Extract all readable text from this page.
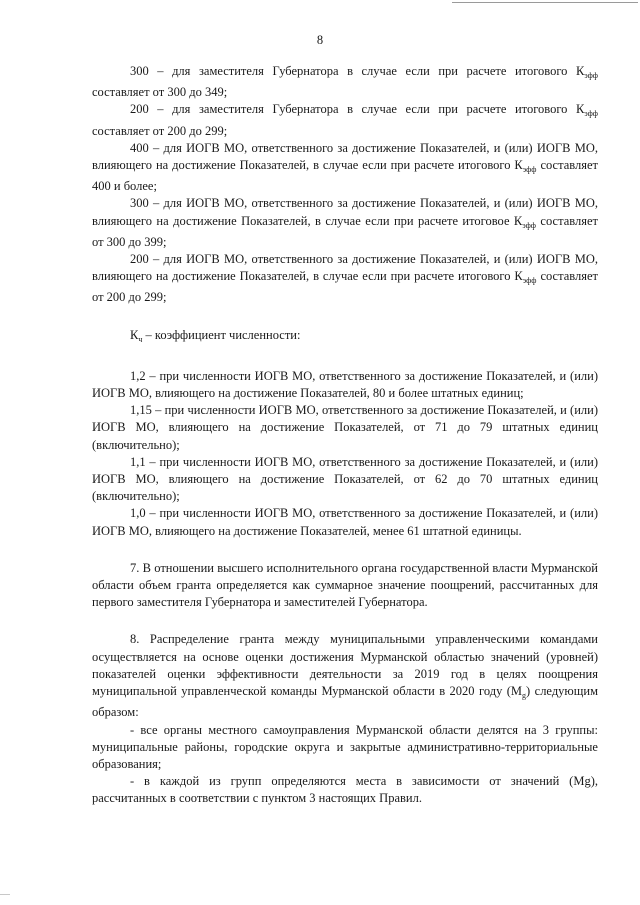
8

300 – для заместителя Губернатора в случае если при расчете итогового $К_{эфф}$ составляет от 300 до 349;

200 – для заместителя Губернатора в случае если при расчете итогового $К_{эфф}$ составляет от 200 до 299;

400 – для ИОГВ МО, ответственного за достижение Показателей, и (или) ИОГВ МО, влияющего на достижение Показателей, в случае если при расчете итогового $К_{эфф}$ составляет 400 и более;

300 – для ИОГВ МО, ответственного за достижение Показателей, и (или) ИОГВ МО, влияющего на достижение Показателей, в случае если при расчете итоговое $К_{эфф}$ составляет от 300 до 399;

200 – для ИОГВ МО, ответственного за достижение Показателей, и (или) ИОГВ МО, влияющего на достижение Показателей, в случае если при расчете итогового $К_{эфф}$ составляет от 200 до 299;

$К_ч$ – коэффициент численности:

1,2 – при численности ИОГВ МО, ответственного за достижение Показателей, и (или) ИОГВ МО, влияющего на достижение Показателей, 80 и более штатных единиц;

1,15 – при численности ИОГВ МО, ответственного за достижение Показателей, и (или) ИОГВ МО, влияющего на достижение Показателей, от 71 до 79 штатных единиц (включительно);

1,1 – при численности ИОГВ МО, ответственного за достижение Показателей, и (или) ИОГВ МО, влияющего на достижение Показателей, от 62 до 70 штатных единиц (включительно);

1,0 – при численности ИОГВ МО, ответственного за достижение Показателей, и (или) ИОГВ МО, влияющего на достижение Показателей, менее 61 штатной единицы.

7. В отношении высшего исполнительного органа государственной власти Мурманской области объем гранта определяется как суммарное значение поощрений, рассчитанных для первого заместителя Губернатора и заместителей Губернатора.

8. Распределение гранта между муниципальными управленческими командами осуществляется на основе оценки достижения Мурманской областью значений (уровней) показателей оценки эффективности деятельности за 2019 год в целях поощрения муниципальной управленческой команды Мурманской области в 2020 году $(М_g)$ следующим образом:

- все органы местного самоуправления Мурманской области делятся на 3 группы: муниципальные районы, городские округа и закрытые административно-территориальные образования;

- в каждой из групп определяются места в зависимости от значений (Mg), рассчитанных в соответствии с пунктом 3 настоящих Правил.
